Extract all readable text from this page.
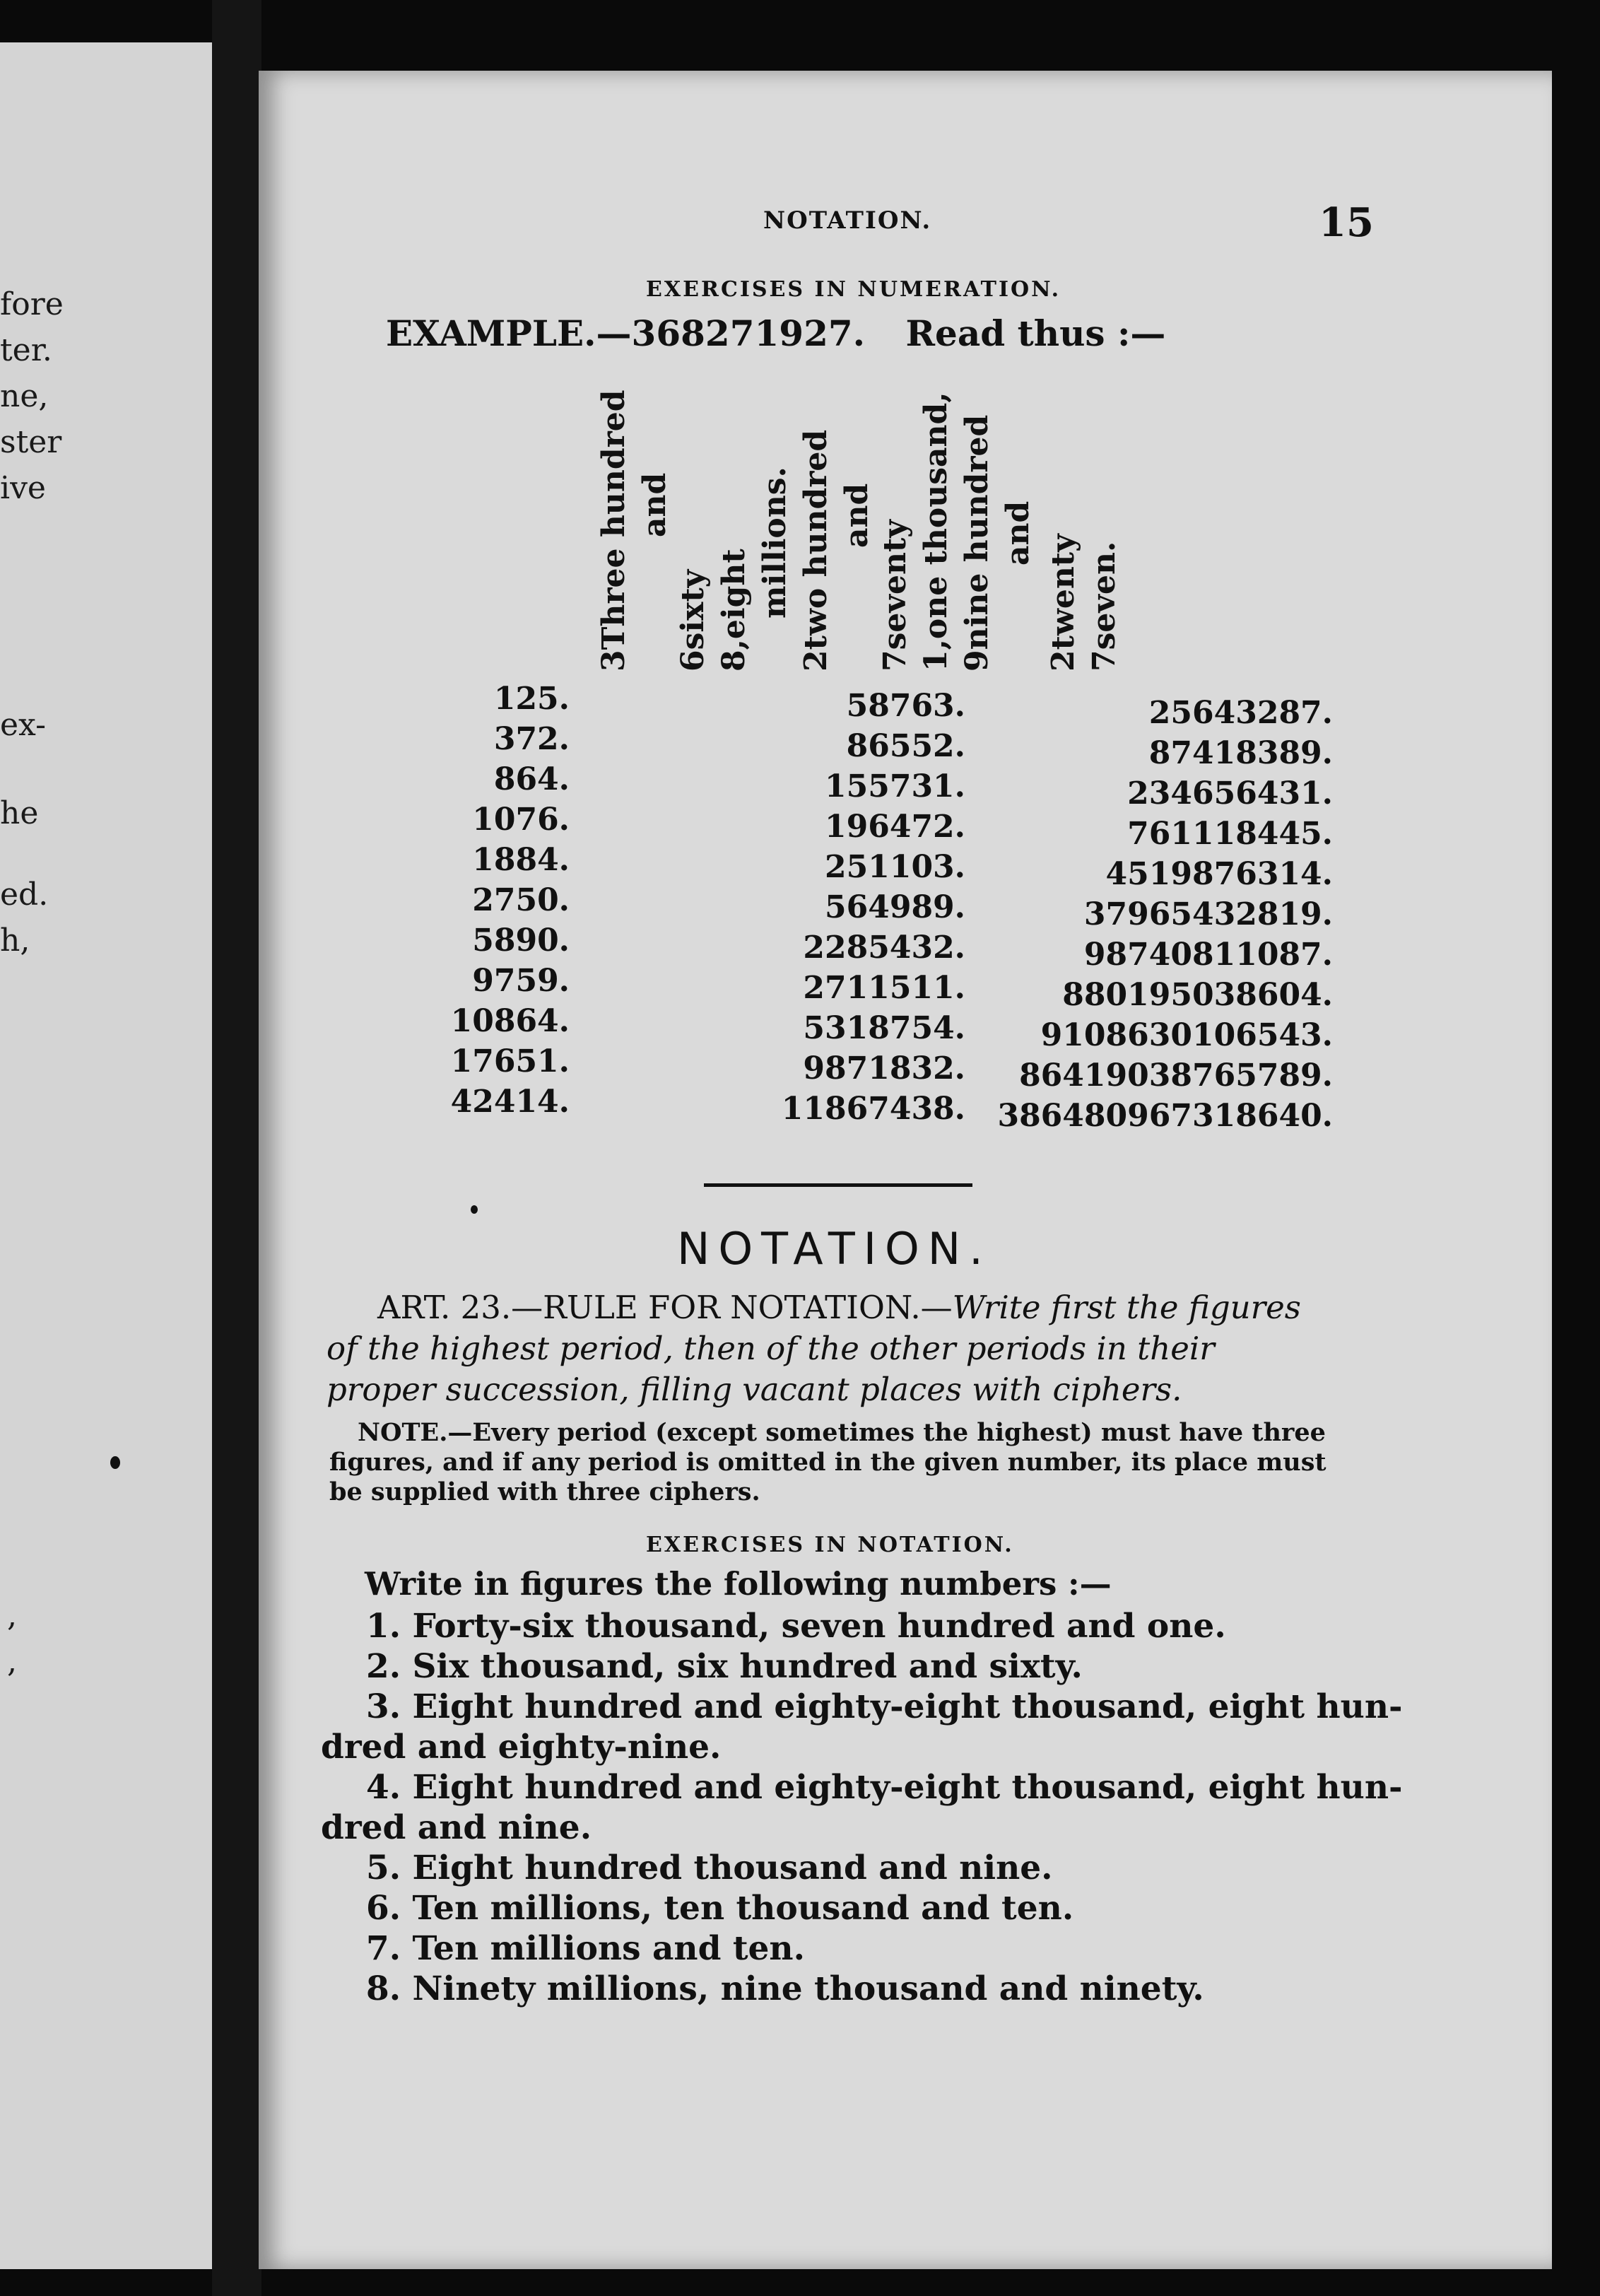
fore
ter.
ne,
ster
ive
ex-
he
ed.
h,
,
,
NOTATION.	15
EXERCISES IN NUMERATION.
EXAMPLE.—368271927. Read thus :—
3Three hundred and
6sixty
8,eight millions.
2two hundred and
7seventy
1,one thousand,
9nine hundred and
2twenty
7seven.
125.
372.
864.
1076.
1884.
2750.
5890.
9759.
10864.
17651.
42414.
58763.
86552.
155731.
196472.
251103.
564989.
2285432.
2711511.
5318754.
9871832.
11867438.
25643287.
87418389.
234656431.
761118445.
4519876314.
37965432819.
98740811087.
880195038604.
9108630106543.
86419038765789.
386480967318640.
NOTATION.
ART. 23.—RULE FOR NOTATION.—Write first the figures
of the highest period, then of the other periods in their
proper succession, filling vacant places with ciphers.
NOTE.—Every period (except sometimes the highest) must have three
figures, and if any period is omitted in the given number, its place must
be supplied with three ciphers.
EXERCISES IN NOTATION.
Write in figures the following numbers :—
1. Forty-six thousand, seven hundred and one.
2. Six thousand, six hundred and sixty.
3. Eight hundred and eighty-eight thousand, eight hun-
dred and eighty-nine.
4. Eight hundred and eighty-eight thousand, eight hun-
dred and nine.
5. Eight hundred thousand and nine.
6. Ten millions, ten thousand and ten.
7. Ten millions and ten.
8. Ninety millions, nine thousand and ninety.
